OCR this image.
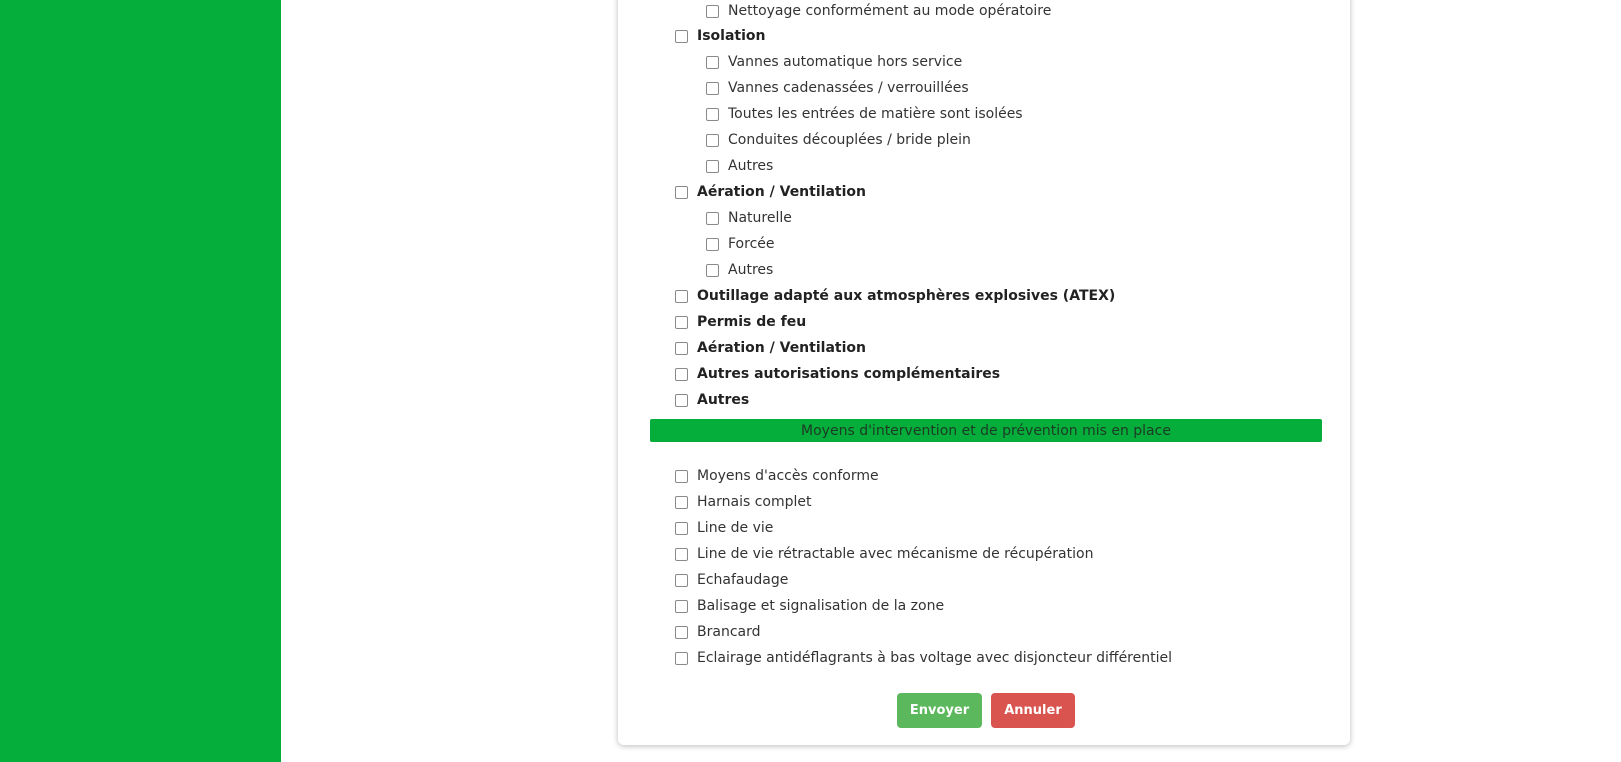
Nettoyage conformément au mode opératoire
Isolation
Vannes automatique hors service
Vannes cadenassées / verrouillées
Toutes les entrées de matière sont isolées
Conduites découplées / bride plein
Autres
Aération / Ventilation
Naturelle
Forcée
Autres
Outillage adapté aux atmosphères explosives (ATEX)
Permis de feu
Aération / Ventilation
Autres autorisations complémentaires
Autres
Moyens d'intervention et de prévention mis en place
Moyens d'accès conforme
Harnais complet
Line de vie
Line de vie rétractable avec mécanisme de récupération
Echafaudage
Balisage et signalisation de la zone
Brancard
Eclairage antidéflagrants à bas voltage avec disjoncteur différentiel
Envoyer	Annuler
